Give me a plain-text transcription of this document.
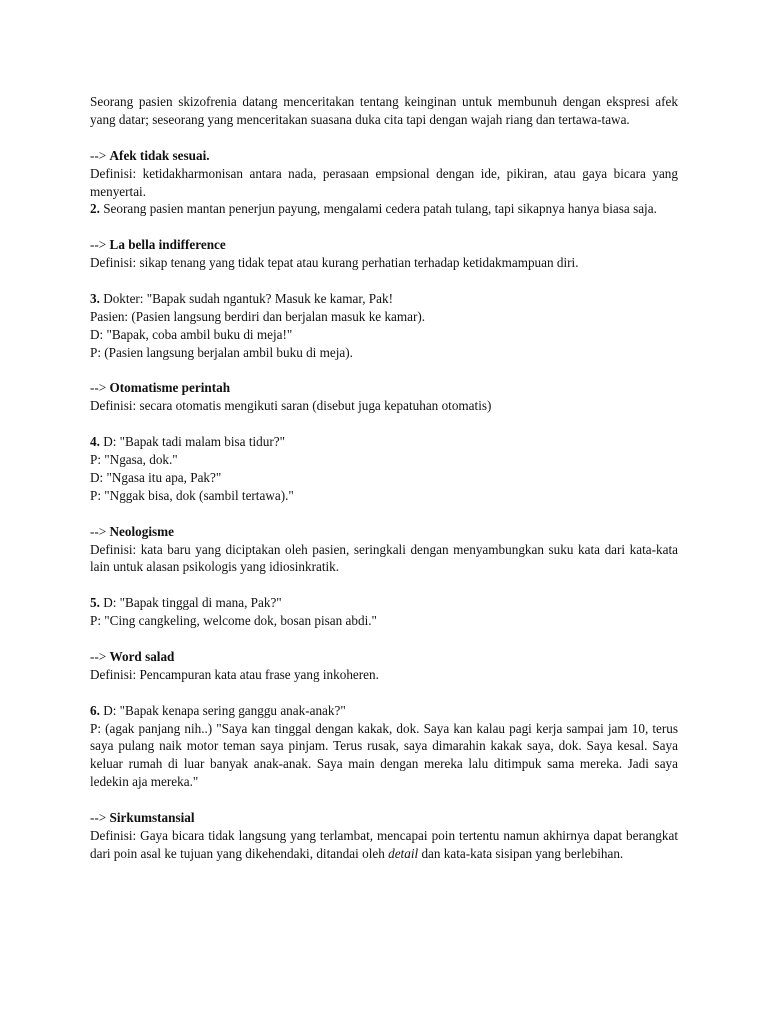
Seorang pasien skizofrenia datang menceritakan tentang keinginan untuk membunuh dengan ekspresi afek yang datar; seseorang yang menceritakan suasana duka cita tapi dengan wajah riang dan tertawa-tawa.

--> Afek tidak sesuai.

Definisi: ketidakharmonisan antara nada, perasaan empsional dengan ide, pikiran, atau gaya bicara yang menyertai.

2. Seorang pasien mantan penerjun payung, mengalami cedera patah tulang, tapi sikapnya hanya biasa saja.

--> La bella indifference

Definisi: sikap tenang yang tidak tepat atau kurang perhatian terhadap ketidakmampuan diri.

3. Dokter: "Bapak sudah ngantuk? Masuk ke kamar, Pak!

Pasien: (Pasien langsung berdiri dan berjalan masuk ke kamar).

D: "Bapak, coba ambil buku di meja!"

P: (Pasien langsung berjalan ambil buku di meja).

--> Otomatisme perintah

Definisi: secara otomatis mengikuti saran (disebut juga kepatuhan otomatis)

4. D: "Bapak tadi malam bisa tidur?"

P: "Ngasa, dok."

D: "Ngasa itu apa, Pak?"

P: "Nggak bisa, dok (sambil tertawa)."

--> Neologisme

Definisi: kata baru yang diciptakan oleh pasien, seringkali dengan menyambungkan suku kata dari kata-kata lain untuk alasan psikologis yang idiosinkratik.

5. D: "Bapak tinggal di mana, Pak?"

P: "Cing cangkeling, welcome dok, bosan pisan abdi."

--> Word salad

Definisi: Pencampuran kata atau frase yang inkoheren.

6. D: "Bapak kenapa sering ganggu anak-anak?"

P: (agak panjang nih..) "Saya kan tinggal dengan kakak, dok. Saya kan kalau pagi kerja sampai jam 10, terus saya pulang naik motor teman saya pinjam. Terus rusak, saya dimarahin kakak saya, dok. Saya kesal. Saya keluar rumah di luar banyak anak-anak. Saya main dengan mereka lalu ditimpuk sama mereka. Jadi saya ledekin aja mereka."

--> Sirkumstansial

Definisi: Gaya bicara tidak langsung yang terlambat, mencapai poin tertentu namun akhirnya dapat berangkat dari poin asal ke tujuan yang dikehendaki, ditandai oleh detail dan kata-kata sisipan yang berlebihan.
